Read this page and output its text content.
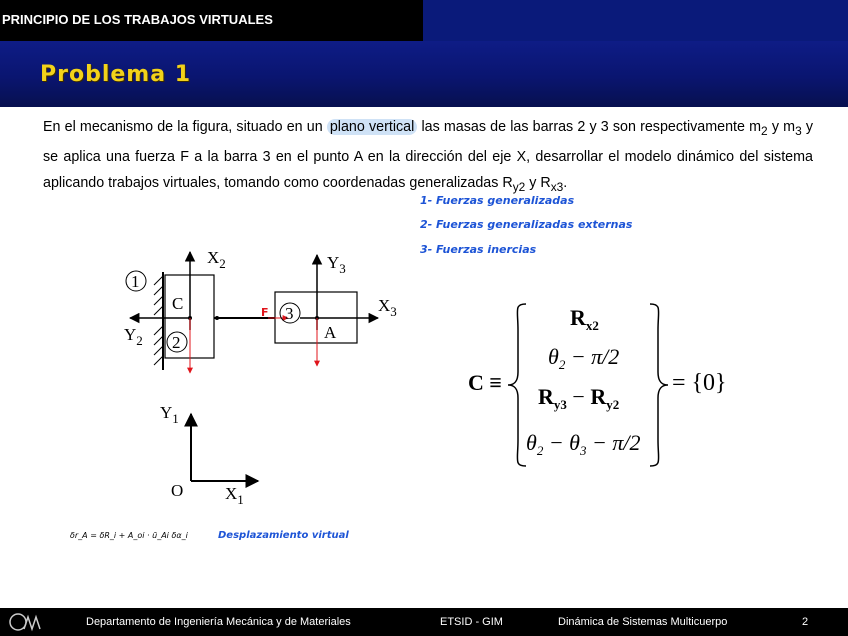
PRINCIPIO DE LOS TRABAJOS VIRTUALES
Problema 1
En el mecanismo de la figura, situado en un plano vertical las masas de las barras 2 y 3 son respectivamente $m_2$ y $m_3$ y se aplica una fuerza F a la barra 3 en el punto A en la dirección del eje X, desarrollar el modelo dinámico del sistema aplicando trabajos virtuales, tomando como coordenadas generalizadas $R_{y2}$ y $R_{x3}$.
1- Fuerzas generalizadas
2- Fuerzas generalizadas externas
3- Fuerzas inercias
1
2
3
C
A
O
$X_2$
$Y_2$
$Y_3$
$X_3$
$Y_1$
$X_1$
F
C ≡
$R_{x2}$
$\theta_2 - \pi/2$
$R_{y3} - R_{y2}$
$\theta_2 - \theta_3 - \pi/2$
= {0}
δr_A = δR_i + A_oi · ū_Ai δα_i	Desplazamiento virtual
Departamento de Ingeniería Mecánica y de Materiales	ETSID - GIM	Dinámica de Sistemas Multicuerpo	2
